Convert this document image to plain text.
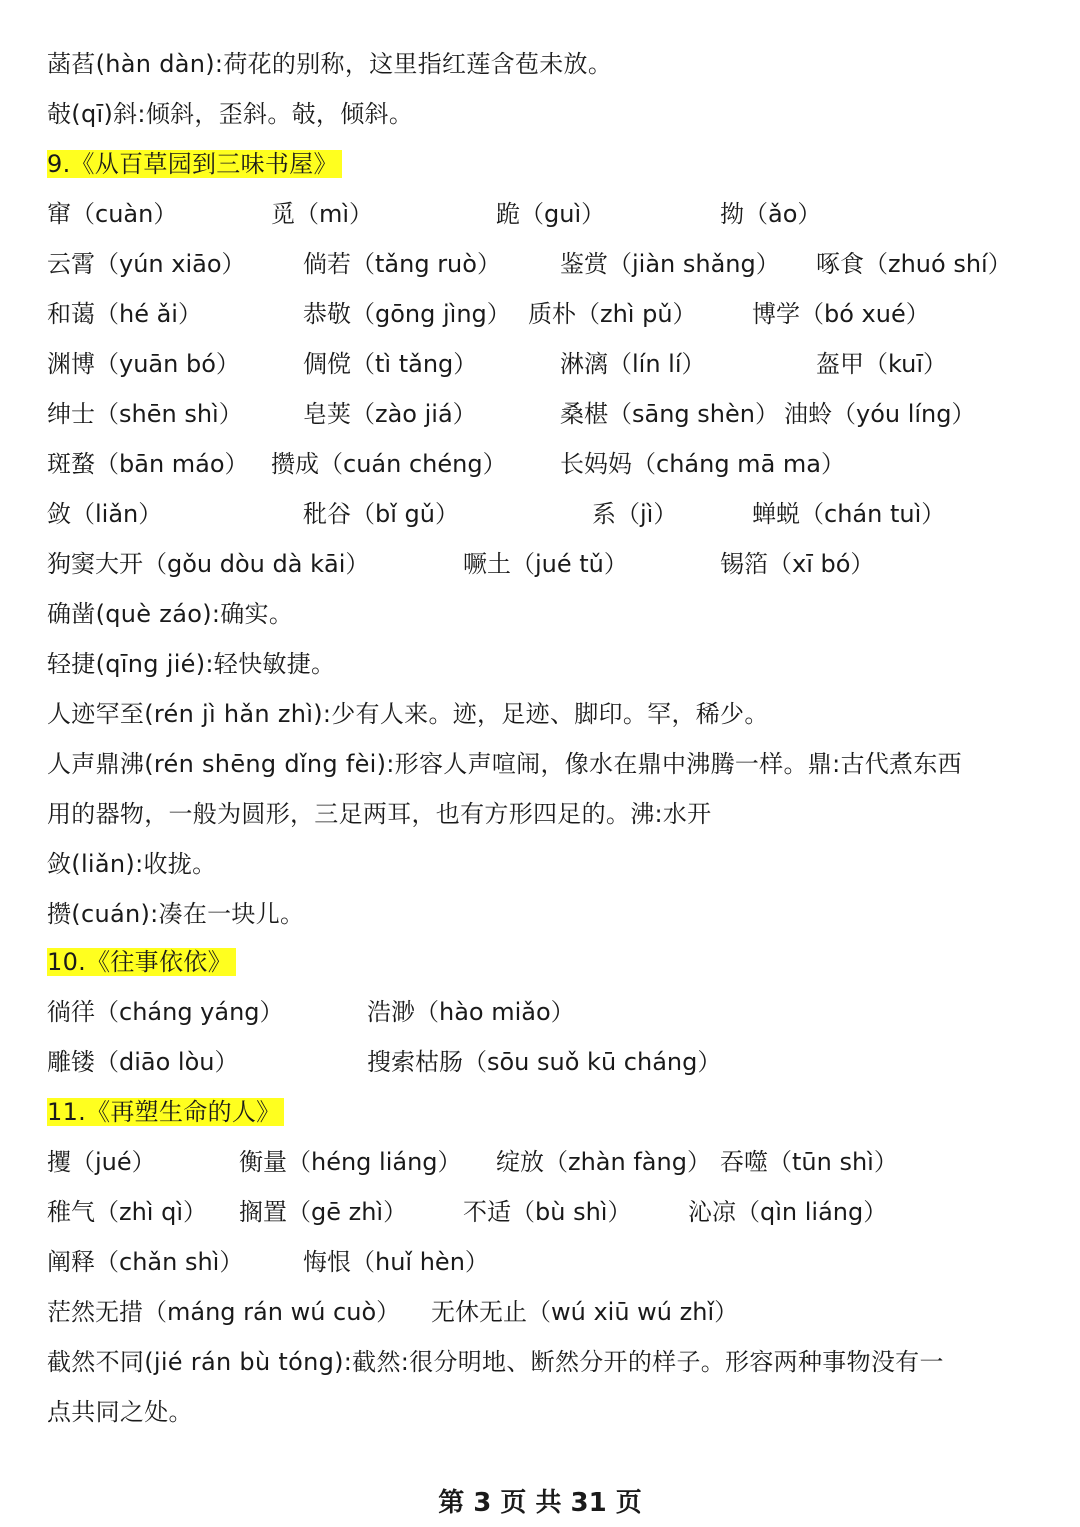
菡萏(hàn dàn):荷花的别称，这里指红莲含苞未放。
攲(qī)斜:倾斜，歪斜。攲，倾斜。
9.《从百草园到三味书屋》
窜（cuàn）	觅（mì）	跪（guì）	拗（ǎo）
云霄（yún xiāo） 倘若（tǎng ruò） 鉴赏（jiàn shǎng） 啄食（zhuó shí）
和蔼（hé ǎi）	恭敬（gōng jìng） 质朴（zhì pǔ） 博学（bó xué）
渊博（yuān bó）	倜傥（tì tǎng）	淋漓（lín lí）	盔甲（kuī）
绅士（shēn shì）	皂荚（zào jiá）	桑椹（sāng shèn） 油蛉（yóu líng）
斑蝥（bān máo） 攒成（cuán chéng） 长妈妈（cháng mā ma）
敛（liǎn）	秕谷（bǐ gǔ）	系（jì）	蝉蜕（chán tuì）
狗窦大开（gǒu dòu dà kāi）	噘土（jué tǔ）	锡箔（xī bó）
确凿(què záo):确实。
轻捷(qīng jié):轻快敏捷。
人迹罕至(rén jì hǎn zhì):少有人来。迹，足迹、脚印。罕，稀少。
人声鼎沸(rén shēng dǐng fèi):形容人声喧闹，像水在鼎中沸腾一样。鼎:古代煮东西
用的器物，一般为圆形，三足两耳，也有方形四足的。沸:水开
敛(liǎn):收拢。
攒(cuán):凑在一块儿。
10.《往事依依》
徜徉（cháng yáng）	浩渺（hào miǎo）
雕镂（diāo lòu）	搜索枯肠（sōu suǒ kū cháng）
11.《再塑生命的人》
攫（jué）	衡量（héng liáng） 绽放（zhàn fàng） 吞噬（tūn shì）
稚气（zhì qì） 搁置（gē zhì） 不适（bù shì） 沁凉（qìn liáng）
阐释（chǎn shì） 悔恨（huǐ hèn）
茫然无措（máng rán wú cuò） 无休无止（wú xiū wú zhǐ）
截然不同(jié rán bù tóng):截然:很分明地、断然分开的样子。形容两种事物没有一
点共同之处。
第 3 页 共 31 页
